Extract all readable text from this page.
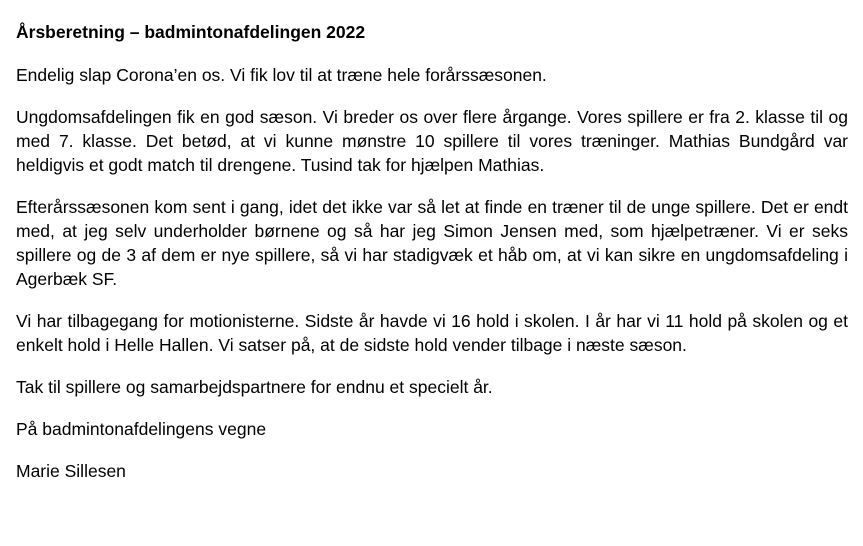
Årsberetning – badmintonafdelingen 2022

Endelig slap Corona’en os. Vi fik lov til at træne hele forårssæsonen.

Ungdomsafdelingen fik en god sæson. Vi breder os over flere årgange. Vores spillere er fra 2. klasse til og med 7. klasse. Det betød, at vi kunne mønstre 10 spillere til vores træninger. Mathias Bundgård var heldigvis et godt match til drengene. Tusind tak for hjælpen Mathias.

Efterårssæsonen kom sent i gang, idet det ikke var så let at finde en træner til de unge spillere. Det er endt med, at jeg selv underholder børnene og så har jeg Simon Jensen med, som hjælpetræner. Vi er seks spillere og de 3 af dem er nye spillere, så vi har stadigvæk et håb om, at vi kan sikre en ungdomsafdeling i Agerbæk SF.

Vi har tilbagegang for motionisterne. Sidste år havde vi 16 hold i skolen. I år har vi 11 hold på skolen og et enkelt hold i Helle Hallen. Vi satser på, at de sidste hold vender tilbage i næste sæson.

Tak til spillere og samarbejdspartnere for endnu et specielt år.

På badmintonafdelingens vegne

Marie Sillesen
